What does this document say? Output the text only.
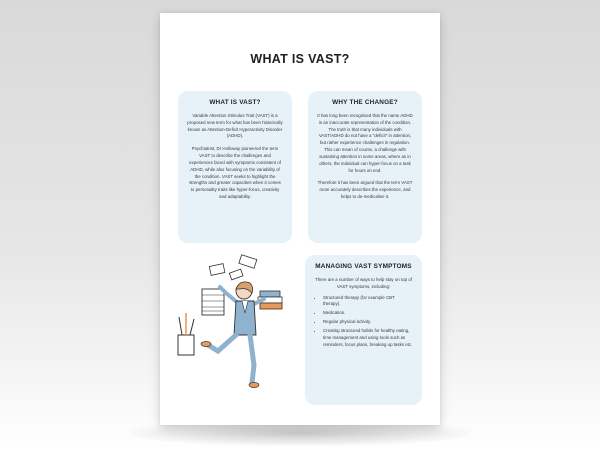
WHAT IS VAST?
WHAT IS VAST?

Variable Attention Stimulus Trait (VAST) is a proposed new term for what has been historically known as Attention-Deficit Hyperactivity Disorder (ADHD).

Psychiatrist, Dr Holloway pioneered the term VAST to describe the challenges and experiences faced with symptoms consistent of ADHD, while also focusing on the variability of the condition. VAST seeks to highlight the strengths and greater capacities when it comes to personality traits like hyper-focus, creativity and adaptability.

WHY THE CHANGE?

It has long been recognised that the name ADHD is an inaccurate representation of the condition. The truth is that many individuals with VAST/ADHD do not have a "deficit" in attention, but rather experience challenges in regulation. This can mean of course, a challenge with sustaining attention in some areas, where as in others, the individual can hyper-focus on a task for hours on end.

Therefore it has been argued that the term VAST more accurately describes the experience, and helps to de-medicalise it.

MANAGING VAST SYMPTOMS

There are a number of ways to help stay on top of VAST symptoms, including:

• Structured therapy (for example CBT therapy).
• Medication.
• Regular physical activity.
• Creating structured habits for healthy eating, time management and using tools such as reminders, focus plans, breaking up tasks etc.
